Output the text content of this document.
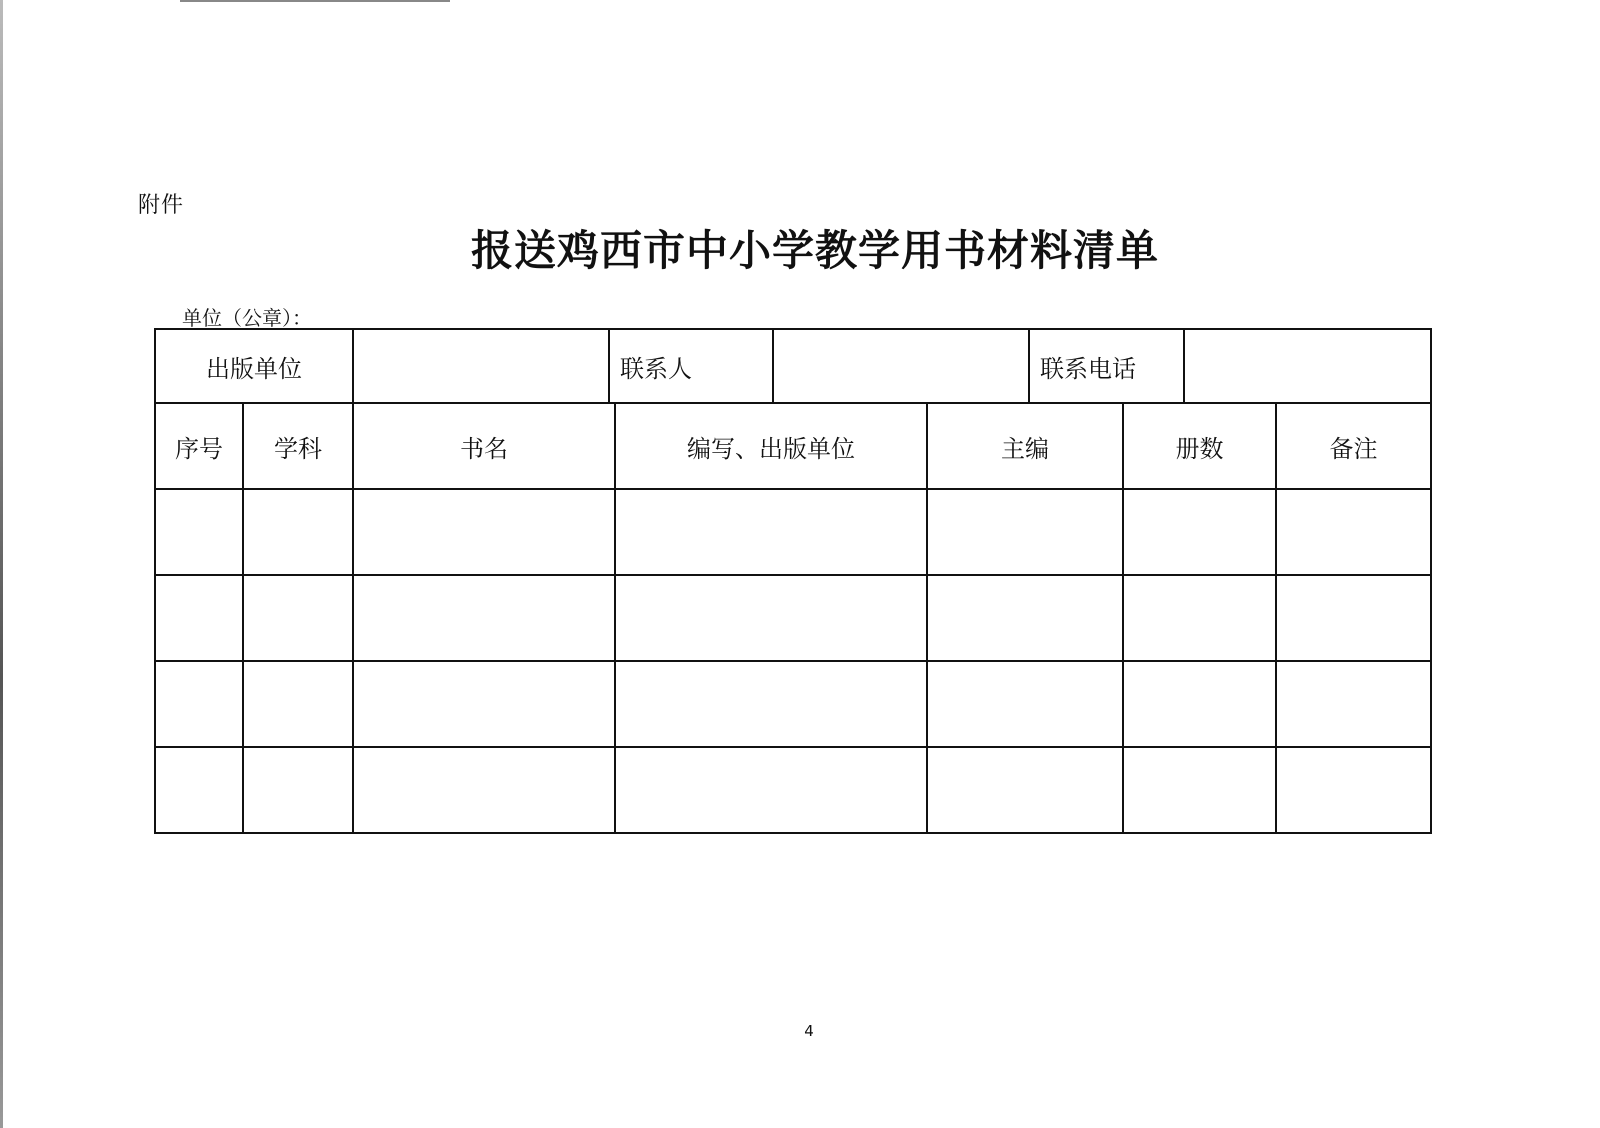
附件
报送鸡西市中小学教学用书材料清单
单位（公章）：
出版单位	联系人	联系电话
序号	学科	书名	编写、出版单位	主编	册数	备注
4
